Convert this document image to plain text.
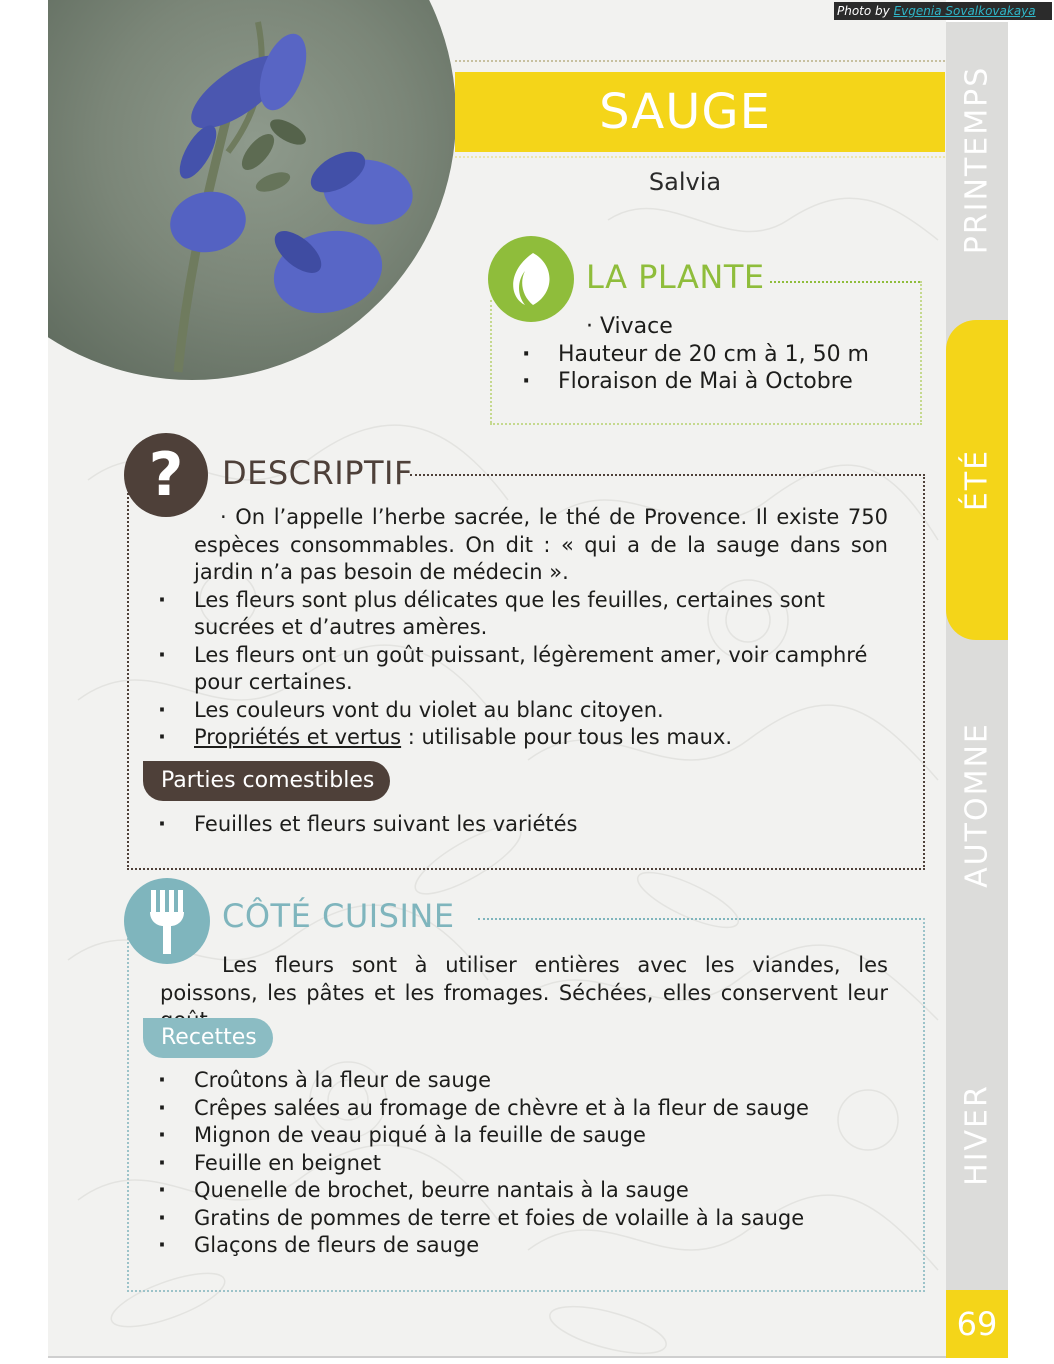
Photo by Evgenia Sovalkovakaya
SAUGE
Salvia	PRINTEMPS
ÉTÉ
AUTOMNE
HIVER
69
LA PLANTE
· Vivace
· Hauteur de 20 cm à 1, 50 m
· Floraison de Mai à Octobre
?	DESCRIPTIF
· On l’appelle l’herbe sacrée, le thé de Provence. Il existe 750 espèces consommables. On dit : « qui a de la sauge dans son jardin n’a pas besoin de médecin ».
· Les fleurs sont plus délicates que les feuilles, certaines sont sucrées et d’autres amères.
· Les fleurs ont un goût puissant, légèrement amer, voir camphré pour certaines.
· Les couleurs vont du violet au blanc citoyen.
· Propriétés et vertus : utilisable pour tous les maux.
Parties comestibles
· Feuilles et fleurs suivant les variétés
CÔTÉ CUISINE
Les fleurs sont à utiliser entières avec les viandes, les poissons, les pâtes et les fromages. Séchées, elles conservent leur
Recettes
· Croûtons à la fleur de sauge
· Crêpes salées au fromage de chèvre et à la fleur de sauge
· Mignon de veau piqué à la feuille de sauge
· Feuille en beignet
· Quenelle de brochet, beurre nantais à la sauge
· Gratins de pommes de terre et foies de volaille à la sauge
· Glaçons de fleurs de sauge
